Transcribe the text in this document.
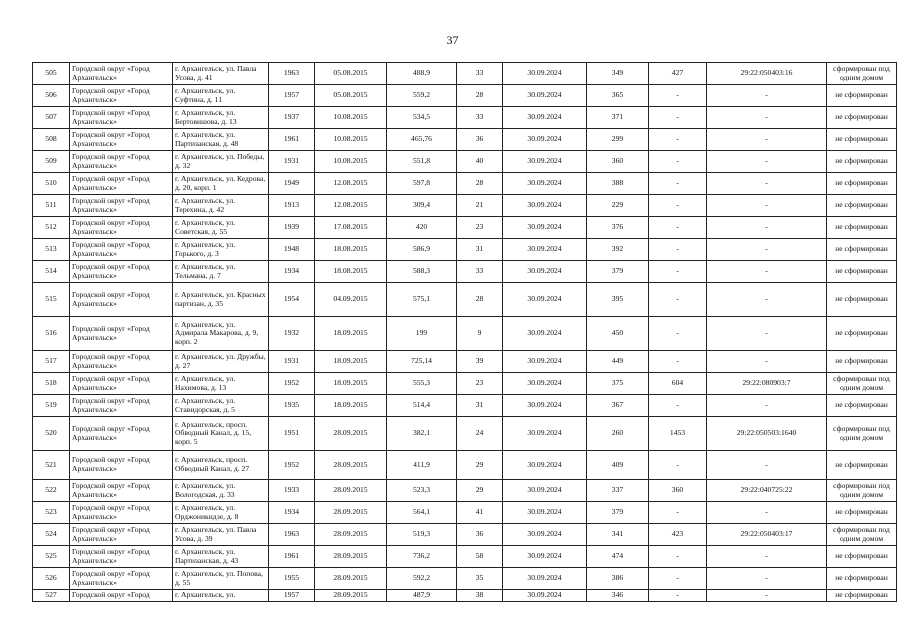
37
505	Городской округ «Город Архангельск»	г. Архангельск, ул. Павла Усова, д. 41	1963	05.08.2015	488,9	33	30.09.2024	349	427	29:22:050403:16	сформирован под одним домом
506	Городской округ «Город Архангельск»	г. Архангельск, ул. Суфтина, д. 11	1957	05.08.2015	559,2	28	30.09.2024	365	-	-	не сформирован
507	Городской округ «Город Архангельск»	г. Архангельск, ул. Бертовишова, д. 13	1937	10.08.2015	534,5	33	30.09.2024	371	-	-	не сформирован
508	Городской округ «Город Архангельск»	г. Архангельск, ул. Партизанская, д. 48	1961	10.08.2015	465,76	36	30.09.2024	299	-	-	не сформирован
509	Городской округ «Город Архангельск»	г. Архангельск, ул. Победы, д. 32	1931	10.08.2015	551,8	40	30.09.2024	360	-	-	не сформирован
510	Городской округ «Город Архангельск»	г. Архангельск, ул. Кедрова, д. 20, корп. 1	1949	12.08.2015	597,8	28	30.09.2024	388	-	-	не сформирован
511	Городской округ «Город Архангельск»	г. Архангельск, ул. Терехина, д. 42	1913	12.08.2015	309,4	21	30.09.2024	229	-	-	не сформирован
512	Городской округ «Город Архангельск»	г. Архангельск, ул. Советская, д. 55	1939	17.08.2015	420	23	30.09.2024	376	-	-	не сформирован
513	Городской округ «Город Архангельск»	г. Архангельск, ул. Горького, д. 3	1948	18.08.2015	586,9	31	30.09.2024	392	-	-	не сформирован
514	Городской округ «Город Архангельск»	г. Архангельск, ул. Тельмана, д. 7	1934	18.08.2015	588,3	33	30.09.2024	379	-	-	не сформирован
515	Городской округ «Город Архангельск»	г. Архангельск, ул. Красных партизан, д. 35	1954	04.09.2015	575,1	28	30.09.2024	395	-	-	не сформирован
516	Городской округ «Город Архангельск»	г. Архангельск, ул. Адмирала Макарова, д. 9, корп. 2	1932	18.09.2015	199	9	30.09.2024	450	-	-	не сформирован
517	Городской округ «Город Архангельск»	г. Архангельск, ул. Дружбы, д. 27	1931	18.09.2015	725,14	39	30.09.2024	449	-	-	не сформирован
518	Городской округ «Город Архангельск»	г. Архангельск, ул. Нахимова, д. 13	1952	18.09.2015	555,3	23	30.09.2024	375	604	29:22:080903:7	сформирован под одним домом
519	Городской округ «Город Архангельск»	г. Архангельск, ул. Ставидорская, д. 5	1935	18.09.2015	514,4	31	30.09.2024	367	-	-	не сформирован
520	Городской округ «Город Архангельск»	г. Архангельск, просп. Обводный Канал, д. 15, корп. 5	1951	28.09.2015	382,1	24	30.09.2024	260	1453	29:22:050503:1640	сформирован под одним домом
521	Городской округ «Город Архангельск»	г. Архангельск, просп. Обводный Канал, д. 27	1952	28.09.2015	411,9	29	30.09.2024	409	-	-	не сформирован
522	Городской округ «Город Архангельск»	г. Архангельск, ул. Вологодская, д. 33	1933	28.09.2015	523,3	29	30.09.2024	337	360	29:22:040725:22	сформирован под одним домом
523	Городской округ «Город Архангельск»	г. Архангельск, ул. Орджоникидзе, д. 8	1934	28.09.2015	564,1	41	30.09.2024	379	-	-	не сформирован
524	Городской округ «Город Архангельск»	г. Архангельск, ул. Павла Усова, д. 39	1963	28.09.2015	519,3	36	30.09.2024	341	423	29:22:050403:17	сформирован под одним домом
525	Городской округ «Город Архангельск»	г. Архангельск, ул. Партизанская, д. 43	1961	28.09.2015	736,2	58	30.09.2024	474	-	-	не сформирован
526	Городской округ «Город Архангельск»	г. Архангельск, ул. Попова, д. 55	1955	28.09.2015	592,2	35	30.09.2024	386	-	-	не сформирован
527	Городской округ «Город	г. Архангельск, ул.	1957	28.09.2015	487,9	38	30.09.2024	346	-	-	не сформирован
